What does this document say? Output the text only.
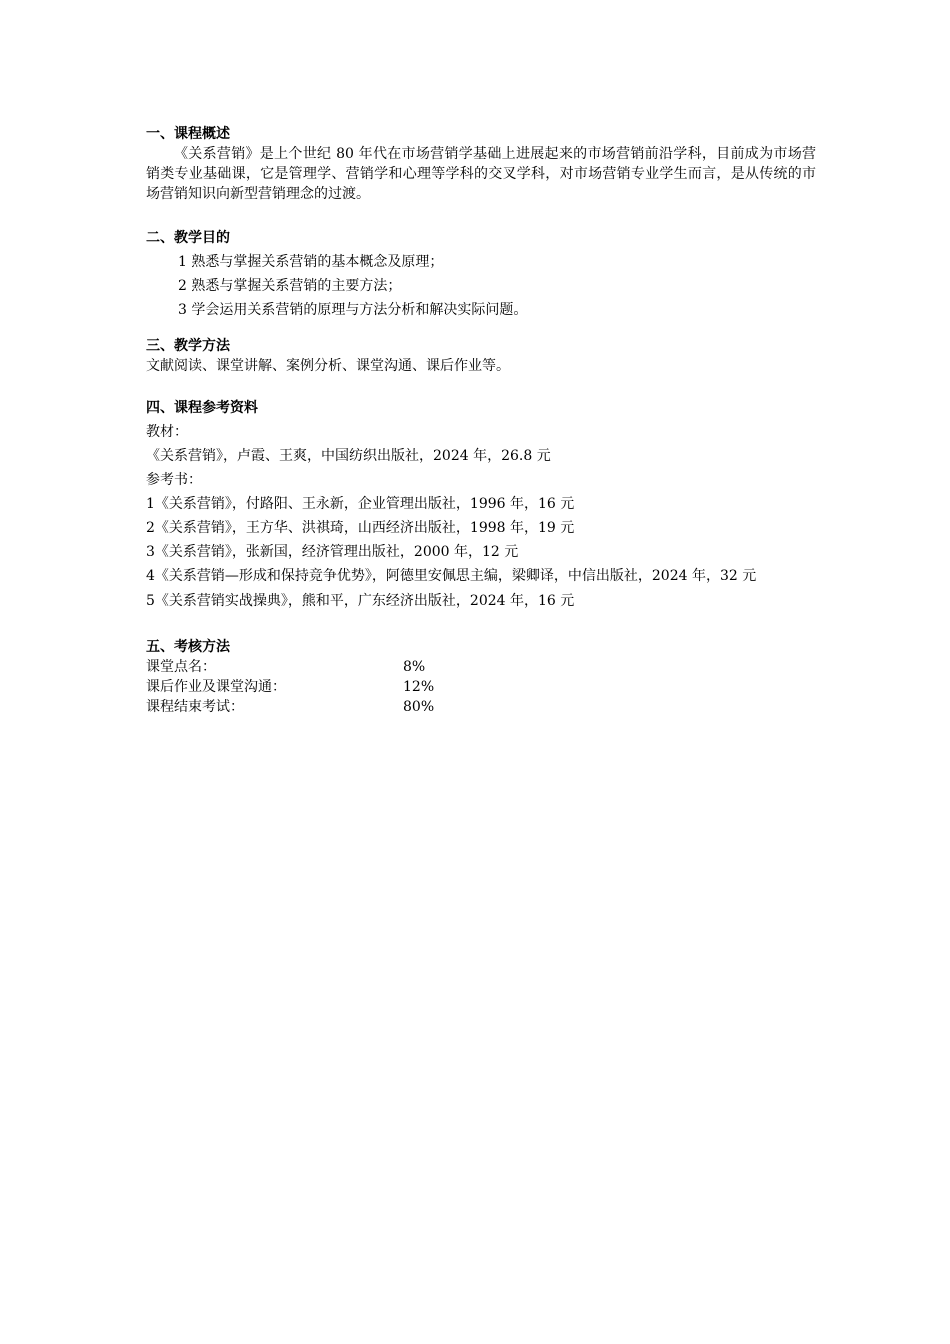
一、课程概述
《关系营销》是上个世纪 80 年代在市场营销学基础上进展起来的市场营销前沿学科，目前成为市场营销类专业基础课，它是管理学、营销学和心理等学科的交叉学科，对市场营销专业学生而言，是从传统的市场营销知识向新型营销理念的过渡。
二、教学目的
1 熟悉与掌握关系营销的基本概念及原理；
2 熟悉与掌握关系营销的主要方法；
3 学会运用关系营销的原理与方法分析和解决实际问题。
三、教学方法
文献阅读、课堂讲解、案例分析、课堂沟通、课后作业等。
四、课程参考资料
教材：
《关系营销》，卢霞、王爽，中国纺织出版社，2024 年，26.8 元
参考书：
1《关系营销》，付路阳、王永新，企业管理出版社，1996 年，16 元
2《关系营销》，王方华、洪祺琦，山西经济出版社，1998 年，19 元
3《关系营销》，张新国，经济管理出版社，2000 年，12 元
4《关系营销—形成和保持竞争优势》，阿德里安佩思主编，梁卿译，中信出版社，2024 年，32 元
5《关系营销实战操典》，熊和平，广东经济出版社，2024 年，16 元
五、考核方法
课堂点名：	8%
课后作业及课堂沟通：	12%
课程结束考试：	80%
